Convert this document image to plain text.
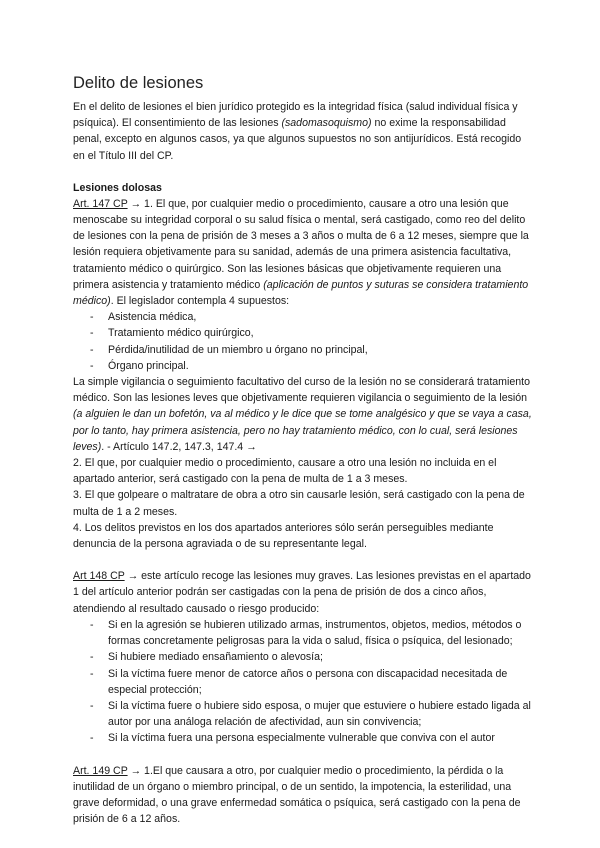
Delito de lesiones

En el delito de lesiones el bien jurídico protegido es la integridad física (salud individual física y psíquica). El consentimiento de las lesiones (sadomasoquismo) no exime la responsabilidad penal, excepto en algunos casos, ya que algunos supuestos no son antijurídicos. Está recogido en el Título III del CP.

Lesiones dolosas

Art. 147 CP → 1. El que, por cualquier medio o procedimiento, causare a otro una lesión que menoscabe su integridad corporal o su salud física o mental, será castigado, como reo del delito de lesiones con la pena de prisión de 3 meses a 3 años o multa de 6 a 12 meses, siempre que la lesión requiera objetivamente para su sanidad, además de una primera asistencia facultativa, tratamiento médico o quirúrgico. Son las lesiones básicas que objetivamente requieren una primera asistencia y tratamiento médico (aplicación de puntos y suturas se considera tratamiento médico). El legislador contempla 4 supuestos:

- Asistencia médica,
- Tratamiento médico quirúrgico,
- Pérdida/inutilidad de un miembro u órgano no principal,
- Órgano principal.

La simple vigilancia o seguimiento facultativo del curso de la lesión no se considerará tratamiento médico. Son las lesiones leves que objetivamente requieren vigilancia o seguimiento de la lesión (a alguien le dan un bofetón, va al médico y le dice que se tome analgésico y que se vaya a casa, por lo tanto, hay primera asistencia, pero no hay tratamiento médico, con lo cual, será lesiones leves). - Artículo 147.2, 147.3, 147.4 →

2. El que, por cualquier medio o procedimiento, causare a otro una lesión no incluida en el apartado anterior, será castigado con la pena de multa de 1 a 3 meses.

3. El que golpeare o maltratare de obra a otro sin causarle lesión, será castigado con la pena de multa de 1 a 2 meses.

4. Los delitos previstos en los dos apartados anteriores sólo serán perseguibles mediante denuncia de la persona agraviada o de su representante legal.

Art 148 CP → este artículo recoge las lesiones muy graves. Las lesiones previstas en el apartado 1 del artículo anterior podrán ser castigadas con la pena de prisión de dos a cinco años, atendiendo al resultado causado o riesgo producido:

- Si en la agresión se hubieren utilizado armas, instrumentos, objetos, medios, métodos o formas concretamente peligrosas para la vida o salud, física o psíquica, del lesionado;
- Si hubiere mediado ensañamiento o alevosía;
- Si la víctima fuere menor de catorce años o persona con discapacidad necesitada de especial protección;
- Si la víctima fuere o hubiere sido esposa, o mujer que estuviere o hubiere estado ligada al autor por una análoga relación de afectividad, aun sin convivencia;
- Si la víctima fuera una persona especialmente vulnerable que conviva con el autor

Art. 149 CP → 1.El que causara a otro, por cualquier medio o procedimiento, la pérdida o la inutilidad de un órgano o miembro principal, o de un sentido, la impotencia, la esterilidad, una grave deformidad, o una grave enfermedad somática o psíquica, será castigado con la pena de prisión de 6 a 12 años.
